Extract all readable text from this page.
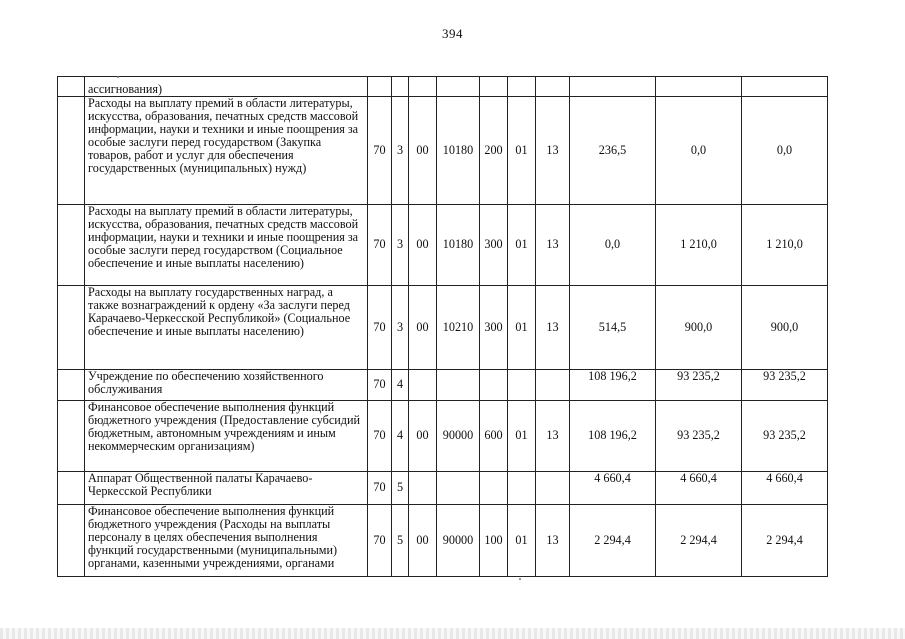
394
	ассигнования)										
	Расходы на выплату премий в области литературы, искусства, образования, печатных средств массовой информации, науки и техники и иные поощрения за особые заслуги перед государством (Закупка товаров, работ и услуг для обеспечения государственных (муниципальных) нужд)	70	3	00	10180	200	01	13	236,5	0,0	0,0
	Расходы на выплату премий в области литературы, искусства, образования, печатных средств массовой информации, науки и техники и иные поощрения за особые заслуги перед государством (Социальное обеспечение и иные выплаты населению)	70	3	00	10180	300	01	13	0,0	1 210,0	1 210,0
	Расходы на выплату государственных наград, а также вознаграждений к ордену «За заслуги перед Карачаево-Черкесской Республикой» (Социальное обеспечение и иные выплаты населению)	70	3	00	10210	300	01	13	514,5	900,0	900,0
	Учреждение по обеспечению хозяйственного обслуживания	70	4						108 196,2	93 235,2	93 235,2
	Финансовое обеспечение выполнения функций бюджетного учреждения (Предоставление субсидий бюджетным, автономным учреждениям и иным некоммерческим организациям)	70	4	00	90000	600	01	13	108 196,2	93 235,2	93 235,2
	Аппарат Общественной палаты Карачаево-Черкесской Республики	70	5						4 660,4	4 660,4	4 660,4
	Финансовое обеспечение выполнения функций бюджетного учреждения (Расходы на выплаты персоналу в целях обеспечения выполнения функций государственными (муниципальными) органами, казенными учреждениями, органами	70	5	00	90000	100	01	13	2 294,4	2 294,4	2 294,4
